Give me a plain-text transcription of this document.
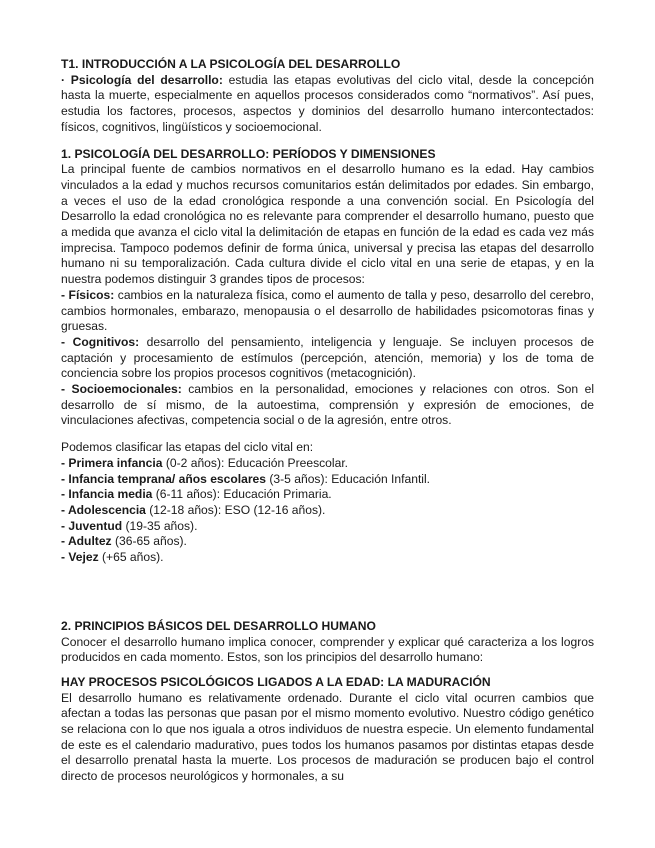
T1. INTRODUCCIÓN A LA PSICOLOGÍA DEL DESARROLLO

· Psicología del desarrollo: estudia las etapas evolutivas del ciclo vital, desde la concepción hasta la muerte, especialmente en aquellos procesos considerados como “normativos”. Así pues, estudia los factores, procesos, aspectos y dominios del desarrollo humano intercontectados: físicos, cognitivos, lingüísticos y socioemocional.

1. PSICOLOGÍA DEL DESARROLLO: PERÍODOS Y DIMENSIONES

La principal fuente de cambios normativos en el desarrollo humano es la edad. Hay cambios vinculados a la edad y muchos recursos comunitarios están delimitados por edades. Sin embargo, a veces el uso de la edad cronológica responde a una convención social. En Psicología del Desarrollo la edad cronológica no es relevante para comprender el desarrollo humano, puesto que a medida que avanza el ciclo vital la delimitación de etapas en función de la edad es cada vez más imprecisa. Tampoco podemos definir de forma única, universal y precisa las etapas del desarrollo humano ni su temporalización. Cada cultura divide el ciclo vital en una serie de etapas, y en la nuestra podemos distinguir 3 grandes tipos de procesos:

- Físicos: cambios en la naturaleza física, como el aumento de talla y peso, desarrollo del cerebro, cambios hormonales, embarazo, menopausia o el desarrollo de habilidades psicomotoras finas y gruesas.

- Cognitivos: desarrollo del pensamiento, inteligencia y lenguaje. Se incluyen procesos de captación y procesamiento de estímulos (percepción, atención, memoria) y los de toma de conciencia sobre los propios procesos cognitivos (metacognición).

- Socioemocionales: cambios en la personalidad, emociones y relaciones con otros. Son el desarrollo de sí mismo, de la autoestima, comprensión y expresión de emociones, de vinculaciones afectivas, competencia social o de la agresión, entre otros.

Podemos clasificar las etapas del ciclo vital en:

- Primera infancia (0-2 años): Educación Preescolar.
- Infancia temprana/ años escolares (3-5 años): Educación Infantil.
- Infancia media (6-11 años): Educación Primaria.
- Adolescencia (12-18 años): ESO (12-16 años).
- Juventud (19-35 años).
- Adultez (36-65 años).
- Vejez (+65 años).
2. PRINCIPIOS BÁSICOS DEL DESARROLLO HUMANO

Conocer el desarrollo humano implica conocer, comprender y explicar qué caracteriza a los logros producidos en cada momento. Estos, son los principios del desarrollo humano:

HAY PROCESOS PSICOLÓGICOS LIGADOS A LA EDAD: LA MADURACIÓN

El desarrollo humano es relativamente ordenado. Durante el ciclo vital ocurren cambios que afectan a todas las personas que pasan por el mismo momento evolutivo. Nuestro código genético se relaciona con lo que nos iguala a otros individuos de nuestra especie. Un elemento fundamental de este es el calendario madurativo, pues todos los humanos pasamos por distintas etapas desde el desarrollo prenatal hasta la muerte. Los procesos de maduración se producen bajo el control directo de procesos neurológicos y hormonales, a su
